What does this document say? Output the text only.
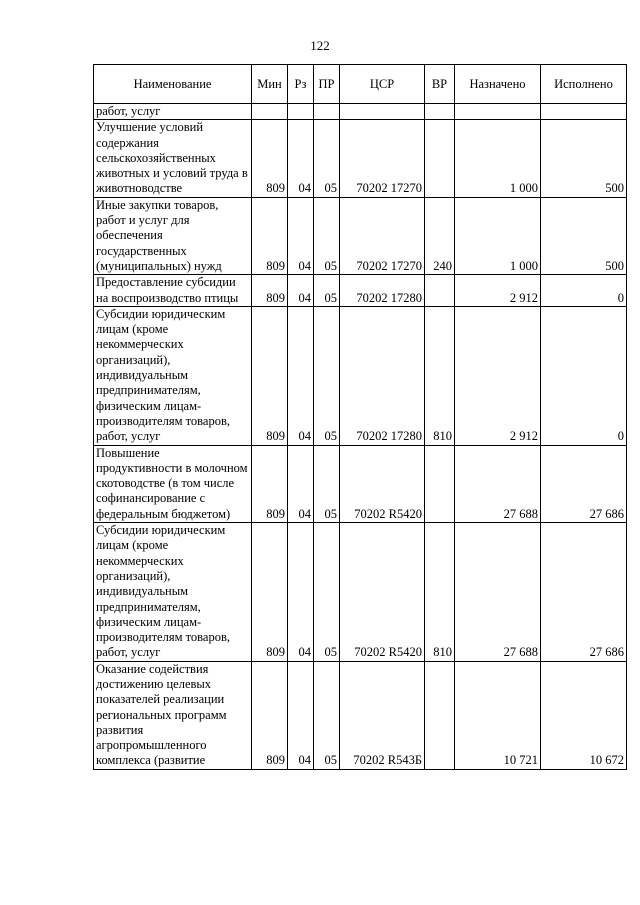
122
Наименование	Мин	Рз	ПР	ЦСР	ВР	Назначено	Исполнено
работ, услуг							
Улучшение условий содержания сельскохозяйственных животных и условий труда в животноводстве	809	04	05	70202 17270		1 000	500
Иные закупки товаров, работ и услуг для обеспечения государственных (муниципальных) нужд	809	04	05	70202 17270	240	1 000	500
Предоставление субсидии на воспроизводство птицы	809	04	05	70202 17280		2 912	0
Субсидии юридическим лицам (кроме некоммерческих организаций), индивидуальным предпринимателям, физическим лицам-производителям товаров, работ, услуг	809	04	05	70202 17280	810	2 912	0
Повышение продуктивности в молочном скотоводстве (в том числе софинансирование с федеральным бюджетом)	809	04	05	70202 R5420		27 688	27 686
Субсидии юридическим лицам (кроме некоммерческих организаций), индивидуальным предпринимателям, физическим лицам-производителям товаров, работ, услуг	809	04	05	70202 R5420	810	27 688	27 686
Оказание содействия достижению целевых показателей реализации региональных программ развития агропромышленного комплекса (развитие	809	04	05	70202 R543Б		10 721	10 672
